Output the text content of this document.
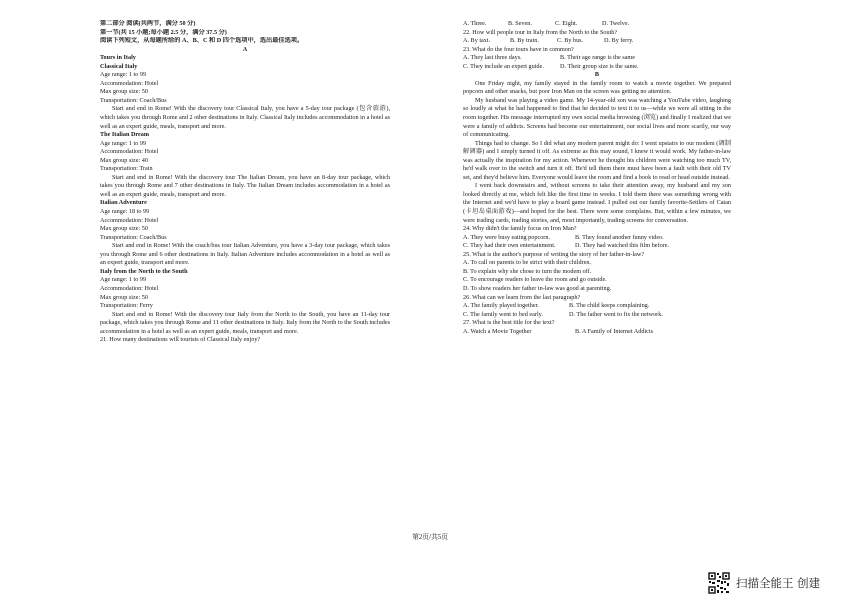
第二部分 阅读(共两节，满分 50 分)
第一节(共 15 小题;每小题 2.5 分，满分 37.5 分)
阅读下列短文，从每题所给的 A、B、C 和 D 四个选项中，选出最佳选项。
A
Tours in Italy
Classical Italy
Age range: 1 to 99
Accommodation: Hotel
Max group size: 50
Transportation: Coach/Bus

Start and end in Rome! With the discovery tour Classical Italy, you have a 5-day tour package (包含旅游), which takes you through Rome and 2 other destinations in Italy. Classical Italy includes accommodation in a hotel as well as an expert guide, meals, transport and more.

The Italian Dream
Age range: 1 to 99
Accommodation: Hotel
Max group size: 40
Transportation: Train

Start and end in Rome! With the discovery tour The Italian Dream, you have an 8-day tour package, which takes you through Rome and 7 other destinations in Italy. The Italian Dream includes accommodation in a hotel as well as an expert guide, meals, transport and more.

Italian Adventure
Age range: 18 to 99
Accommodation: Hotel
Max group size: 50
Transportation: Coach/Bus

Start and end in Rome! With the coach/bus tour Italian Adventure, you have a 3-day tour package, which takes you through Rome and 6 other destinations in Italy. Italian Adventure includes accommodation in a hotel as well as an expert guide, transport and more.

Italy from the North to the South
Age range: 1 to 99
Accommodation: Hotel
Max group size: 50
Transportation: Ferry

Start and end in Rome! With the discovery tour Italy from the North to the South, you have an 11-day tour package, which takes you through Rome and 11 other destinations in Italy. Italy from the North to the South includes accommodation in a hotel as well as an expert guide, meals, transport and more.

21. How many destinations will tourists of Classical Italy enjoy?
A. Three.	B. Seven.	C. Eight.	D. Twelve.
22. How will people tour in Italy from the North to the South?
A. By taxi.	B. By train.	C. By bus.	D. By ferry.
23. What do the four tours have in common?
A. They last three days.	B. Their age range is the same
C. They include an expert guide.	D. Their group size is the same.
B

One Friday night, my family stayed in the family room to watch a movie together. We prepared popcorn and other snacks, but poor Iron Man on the screen was getting no attention.

My husband was playing a video game. My 14-year-old son was watching a YouTube video, laughing so loudly at what he had happened to find that he decided to text it to us—while we were all sitting in the room together. His message interrupted my own social media browsing (浏览) and finally I realized that we were a family of addicts. Screens had become our entertainment, our social lives and more scarily, our way of communicating.

Things had to change. So I did what any modern parent might do: I went upstairs to our modem (调制解调器) and I simply turned it off. As extreme as this may sound, I knew it would work. My father-in-law was actually the inspiration for my action. Whenever he thought his children were watching too much TV, he'd walk over to the switch and turn it off. He'd tell them there must have been a fault with their old TV set, and they'd believe him. Everyone would leave the room and find a book to read or head outside instead.

I went back downstairs and, without screens to take their attention away, my husband and my son looked directly at me, which felt like the first time in weeks. I told them there was something wrong with the Internet and we'd have to play a board game instead. I pulled out our family favorite-Settlers of Catan (卡坦岛桌面游戏)—and hoped for the best. There were some complains. But, within a few minutes, we were trading cards, trading stories, and, most importantly, trading screens for conversation.

24. Why didn't the family focus on Iron Man?
A. They were busy eating popcorn.	B. They found another funny video.
C. They had their own entertainment.	D. They had watched this film before.
25. What is the author's purpose of writing the story of her father-in-law?
A. To call on parents to be strict with their children.
B. To explain why she chose to turn the modem off.
C. To encourage readers to leave the room and go outside.
D. To show readers her father in-law was good at parenting.
26. What can we learn from the last paragraph?
A. The family played together.	B. The child keeps complaining.
C. The family went to bed early.	D. The father went to fix the network.
27. What is the best title for the text?
A. Watch a Movie Together	B. A Family of Internet Addicts
第2页/共5页
扫描全能王 创建
